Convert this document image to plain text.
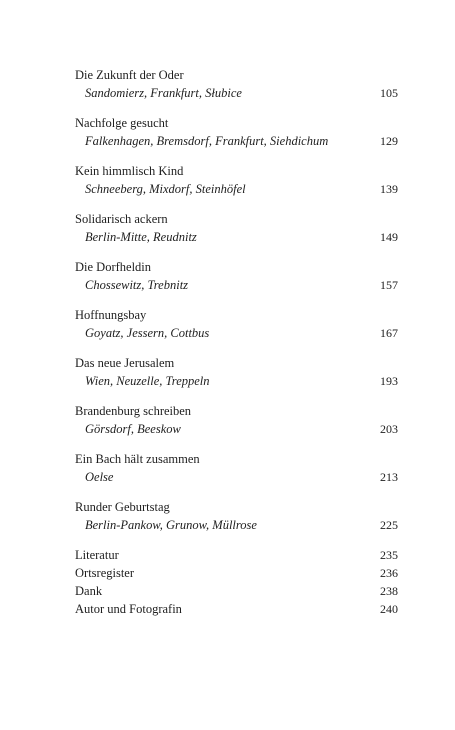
Die Zukunft der Oder
Sandomierz, Frankfurt, Słubice	105
Nachfolge gesucht
Falkenhagen, Bremsdorf, Frankfurt, Siehdichum	129
Kein himmlisch Kind
Schneeberg, Mixdorf, Steinhöfel	139
Solidarisch ackern
Berlin-Mitte, Reudnitz	149
Die Dorfheldin
Chossewitz, Trebnitz	157
Hoffnungsbay
Goyatz, Jessern, Cottbus	167
Das neue Jerusalem
Wien, Neuzelle, Treppeln	193
Brandenburg schreiben
Görsdorf, Beeskow	203
Ein Bach hält zusammen
Oelse	213
Runder Geburtstag
Berlin-Pankow, Grunow, Müllrose	225
Literatur	235
Ortsregister	236
Dank	238
Autor und Fotografin	240
